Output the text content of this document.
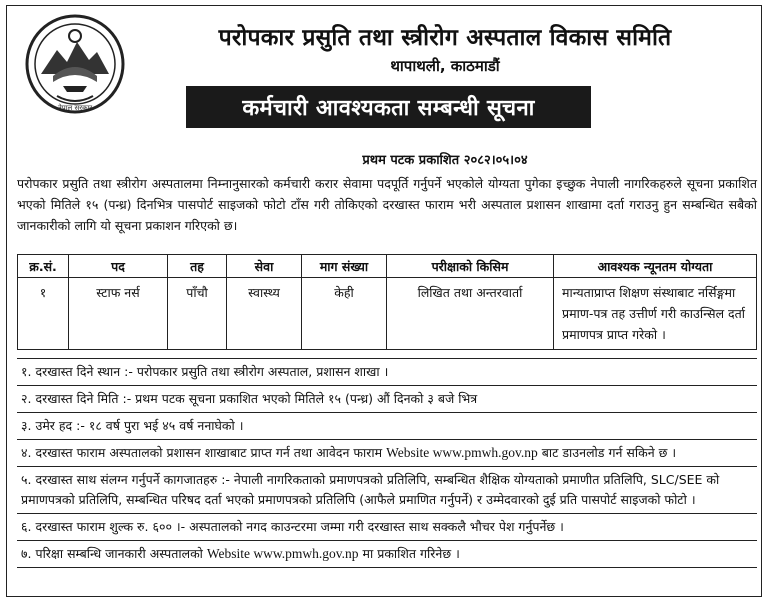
नेपाल सरकार
परोपकार प्रसुति तथा स्त्रीरोग अस्पताल विकास समिति
थापाथली, काठमाडौं
कर्मचारी आवश्यकता सम्बन्धी सूचना
प्रथम पटक प्रकाशित २०८२।०५।०४
परोपकार प्रसुति तथा स्त्रीरोग अस्पतालमा निम्नानुसारको कर्मचारी करार सेवामा पदपूर्ति गर्नुपर्ने भएकोले योग्यता पुगेका इच्छुक नेपाली नागरिकहरुले सूचना प्रकाशित भएको मितिले १५ (पन्ध्र) दिनभित्र पासपोर्ट साइजको फोटो टाँस गरी तोकिएको दरखास्त फाराम भरी अस्पताल प्रशासन शाखामा दर्ता गराउनु हुन सम्बन्धित सबैको जानकारीको लागि यो सूचना प्रकाशन गरिएको छ।
क्र.सं.	पद	तह	सेवा	माग संख्या	परीक्षाको किसिम	आवश्यक न्यूनतम योग्यता
१	स्टाफ नर्स	पाँचौ	स्वास्थ्य	केही	लिखित तथा अन्तरवार्ता	मान्यताप्राप्त शिक्षण संस्थाबाट नर्सिङ्गमा प्रमाण-पत्र तह उत्तीर्ण गरी काउन्सिल दर्ता प्रमाणपत्र प्राप्त गरेको ।
१. दरखास्त दिने स्थान :- परोपकार प्रसुति तथा स्त्रीरोग अस्पताल, प्रशासन शाखा ।
२. दरखास्त दिने मिति :- प्रथम पटक सूचना प्रकाशित भएको मितिले १५ (पन्ध्र) औं दिनको ३ बजे भित्र
३. उमेर हद :- १८ वर्ष पुरा भई ४५ वर्ष ननाघेको ।
४. दरखास्त फाराम अस्पतालको प्रशासन शाखाबाट प्राप्त गर्न तथा आवेदन फाराम Website www.pmwh.gov.np बाट डाउनलोड गर्न सकिने छ ।
५. दरखास्त साथ संलग्न गर्नुपर्ने कागजातहरु :- नेपाली नागरिकताको प्रमाणपत्रको प्रतिलिपि, सम्बन्धित शैक्षिक योग्यताको प्रमाणीत प्रतिलिपि, SLC/SEE को प्रमाणपत्रको प्रतिलिपि, सम्बन्धित परिषद दर्ता भएको प्रमाणपत्रको प्रतिलिपि (आफैले प्रमाणित गर्नुपर्ने) र उम्मेदवारको दुई प्रति पासपोर्ट साइजको फोटो ।
६. दरखास्त फाराम शुल्क रु. ६०० ।- अस्पतालको नगद काउन्टरमा जम्मा गरी दरखास्त साथ सक्कलै भौचर पेश गर्नुपर्नेछ ।
७. परिक्षा सम्बन्धि जानकारी अस्पतालको Website www.pmwh.gov.np मा प्रकाशित गरिनेछ ।
